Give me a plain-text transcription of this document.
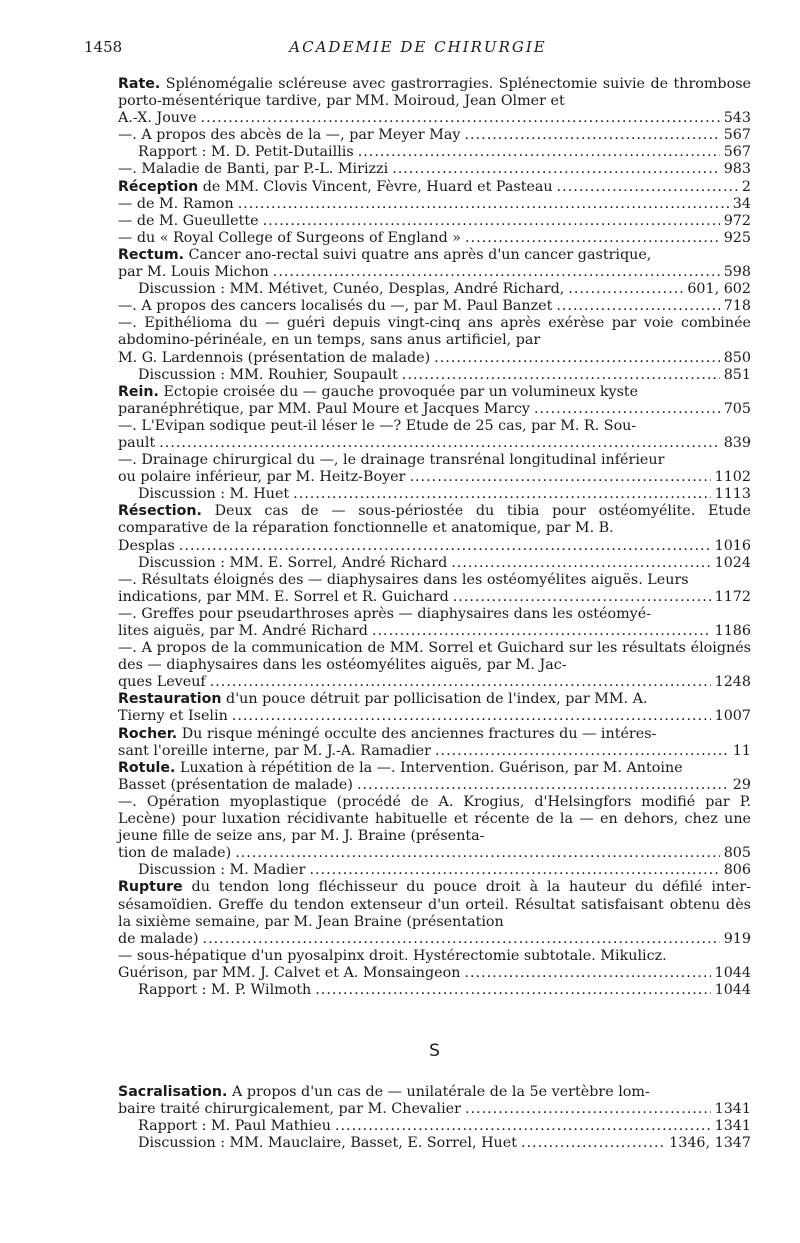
1458	ACADEMIE DE CHIRURGIE
Rate. Splénomégalie scléreuse avec gastrorragies. Splénectomie suivie de thrombose porto-mésentérique tardive, par MM. Moiroud, Jean Olmer et
A.-X. Jouve .....	543
—. A propos des abcès de la —, par Meyer May .....	567
Rapport : M. D. Petit-Dutaillis .....	567
—. Maladie de Banti, par P.-L. Mirizzi .....	983
Réception de MM. Clovis Vincent, Fèvre, Huard et Pasteau .....	2
— de M. Ramon .....	34
— de M. Gueullette .....	972
— du « Royal College of Surgeons of England » .....	925
Rectum. Cancer ano-rectal suivi quatre ans après d'un cancer gastrique,
par M. Louis Michon .....	598
Discussion : MM. Métivet, Cunéo, Desplas, André Richard, .....	601, 602
—. A propos des cancers localisés du —, par M. Paul Banzet .....	718
—. Epithélioma du — guéri depuis vingt-cinq ans après exérèse par voie combinée abdomino-périnéale, en un temps, sans anus artificiel, par
M. G. Lardennois (présentation de malade) .....	850
Discussion : MM. Rouhier, Soupault .....	851
Rein. Ectopie croisée du — gauche provoquée par un volumineux kyste
paranéphrétique, par MM. Paul Moure et Jacques Marcy .....	705
—. L'Evipan sodique peut-il léser le —? Etude de 25 cas, par M. R. Sou-
pault .....	839
—. Drainage chirurgical du —, le drainage transrénal longitudinal inférieur
ou polaire inférieur, par M. Heitz-Boyer .....	1102
Discussion : M. Huet .....	1113
Résection. Deux cas de — sous-périostée du tibia pour ostéomyélite. Etude comparative de la réparation fonctionnelle et anatomique, par M. B.
Desplas .....	1016
Discussion : MM. E. Sorrel, André Richard .....	1024
—. Résultats éloignés des — diaphysaires dans les ostéomyélites aiguës. Leurs
indications, par MM. E. Sorrel et R. Guichard .....	1172
—. Greffes pour pseudarthroses après — diaphysaires dans les ostéomyé-
lites aiguës, par M. André Richard .....	1186
—. A propos de la communication de MM. Sorrel et Guichard sur les résultats éloignés des — diaphysaires dans les ostéomyélites aiguës, par M. Jac-
ques Leveuf .....	1248
Restauration d'un pouce détruit par pollicisation de l'index, par MM. A.
Tierny et Iselin .....	1007
Rocher. Du risque méningé occulte des anciennes fractures du — intéres-
sant l'oreille interne, par M. J.-A. Ramadier .....	11
Rotule. Luxation à répétition de la —. Intervention. Guérison, par M. Antoine
Basset (présentation de malade) .....	29
—. Opération myoplastique (procédé de A. Krogius, d'Helsingfors modifié par P. Lecène) pour luxation récidivante habituelle et récente de la — en dehors, chez une jeune fille de seize ans, par M. J. Braine (présenta-
tion de malade) .....	805
Discussion : M. Madier .....	806
Rupture du tendon long fléchisseur du pouce droit à la hauteur du défilé inter-sésamoïdien. Greffe du tendon extenseur d'un orteil. Résultat satisfaisant obtenu dès la sixième semaine, par M. Jean Braine (présentation
de malade) .....	919
— sous-hépatique d'un pyosalpinx droit. Hystérectomie subtotale. Mikulicz.
Guérison, par MM. J. Calvet et A. Monsaingeon .....	1044
Rapport : M. P. Wilmoth .....	1044
S
Sacralisation. A propos d'un cas de — unilatérale de la 5e vertèbre lom-
baire traité chirurgicalement, par M. Chevalier .....	1341
Rapport : M. Paul Mathieu .....	1341
Discussion : MM. Mauclaire, Basset, E. Sorrel, Huet .....	1346, 1347
